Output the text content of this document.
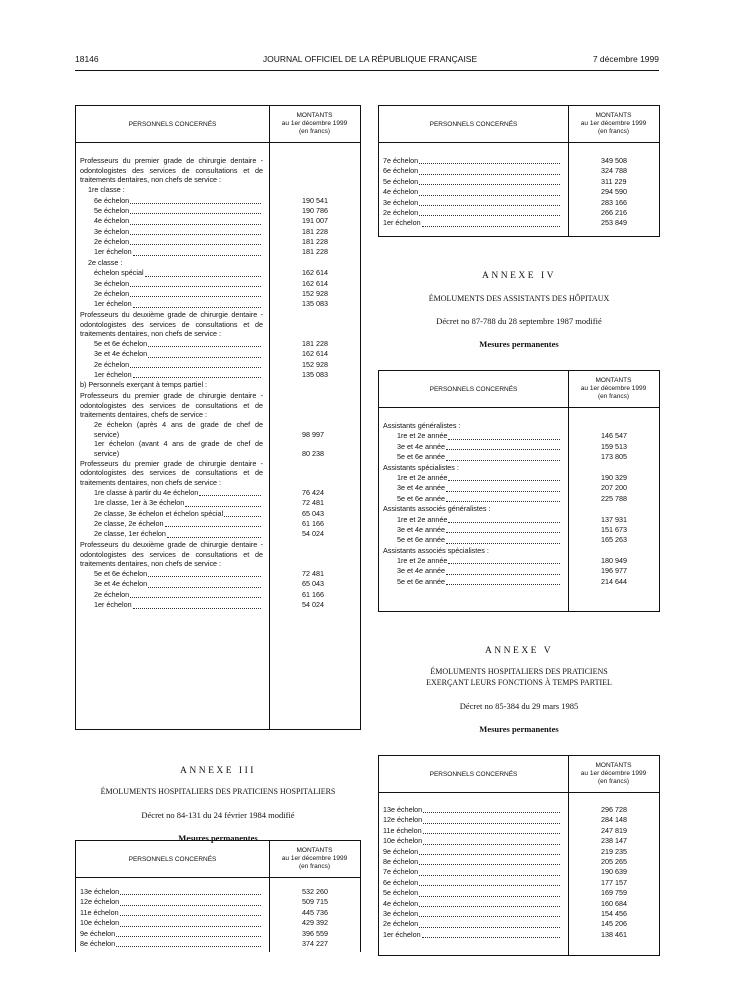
18146	JOURNAL OFFICIEL DE LA RÉPUBLIQUE FRANÇAISE	7 décembre 1999
PERSONNELS CONCERNÉS
MONTANTS
au 1er décembre 1999
(en francs)
Professeurs du premier grade de chirurgie dentaire - odontologistes des services de consultations et de traitements dentaires, non chefs de service :
1re classe :
6e échelon	190 541
5e échelon	190 786
4e échelon	191 007
3e échelon	181 228
2e échelon	181 228
1er échelon	181 228
2e classe :
échelon spécial	162 614
3e échelon	162 614
2e échelon	152 928
1er échelon	135 083
Professeurs du deuxième grade de chirurgie dentaire - odontologistes des services de consultations et de traitements dentaires, non chefs de service :
5e et 6e échelon	181 228
3e et 4e échelon	162 614
2e échelon	152 928
1er échelon	135 083
b) Personnels exerçant à temps partiel :
Professeurs du premier grade de chirurgie dentaire - odontologistes des services de consultations et de traitements dentaires, chefs de service :
2e échelon (après 4 ans de grade de chef de service)	98 997
1er échelon (avant 4 ans de grade de chef de service)	80 238
Professeurs du premier grade de chirurgie dentaire - odontologistes des services de consultations et de traitements dentaires, non chefs de service :
1re classe à partir du 4e échelon	76 424
1re classe, 1er à 3e échelon	72 481
2e classe, 3e échelon et échelon spécial	65 043
2e classe, 2e échelon	61 166
2e classe, 1er échelon	54 024
Professeurs du deuxième grade de chirurgie dentaire - odontologistes des services de consultations et de traitements dentaires, non chefs de service :
5e et 6e échelon	72 481
3e et 4e échelon	65 043
2e échelon	61 166
1er échelon	54 024
ANNEXE III
ÉMOLUMENTS HOSPITALIERS DES PRATICIENS HOSPITALIERS
Décret no 84-131 du 24 février 1984 modifié
Mesures permanentes
PERSONNELS CONCERNÉS
MONTANTS
au 1er décembre 1999
(en francs)
13e échelon	532 260
12e échelon	509 715
11e échelon	445 736
10e échelon	429 392
9e échelon	396 559
8e échelon	374 227
PERSONNELS CONCERNÉS
MONTANTS
au 1er décembre 1999
(en francs)
7e échelon	349 508
6e échelon	324 788
5e échelon	311 229
4e échelon	294 590
3e échelon	283 166
2e échelon	266 216
1er échelon	253 849
ANNEXE IV
ÉMOLUMENTS DES ASSISTANTS DES HÔPITAUX
Décret no 87-788 du 28 septembre 1987 modifié
Mesures permanentes
PERSONNELS CONCERNÉS
MONTANTS
au 1er décembre 1999
(en francs)
Assistants généralistes :
1re et 2e année	146 547
3e et 4e année	159 513
5e et 6e année	173 805
Assistants spécialistes :
1re et 2e année	190 329
3e et 4e année	207 200
5e et 6e année	225 788
Assistants associés généralistes :
1re et 2e année	137 931
3e et 4e année	151 673
5e et 6e année	165 263
Assistants associés spécialistes :
1re et 2e année	180 949
3e et 4e année	196 977
5e et 6e année	214 644
ANNEXE V
ÉMOLUMENTS HOSPITALIERS DES PRATICIENS
EXERÇANT LEURS FONCTIONS À TEMPS PARTIEL
Décret no 85-384 du 29 mars 1985
Mesures permanentes
PERSONNELS CONCERNÉS
MONTANTS
au 1er décembre 1999
(en francs)
13e échelon	296 728
12e échelon	284 148
11e échelon	247 819
10e échelon	238 147
9e échelon	219 235
8e échelon	205 265
7e échelon	190 639
6e échelon	177 157
5e échelon	169 759
4e échelon	160 684
3e échelon	154 456
2e échelon	145 206
1er échelon	138 461
